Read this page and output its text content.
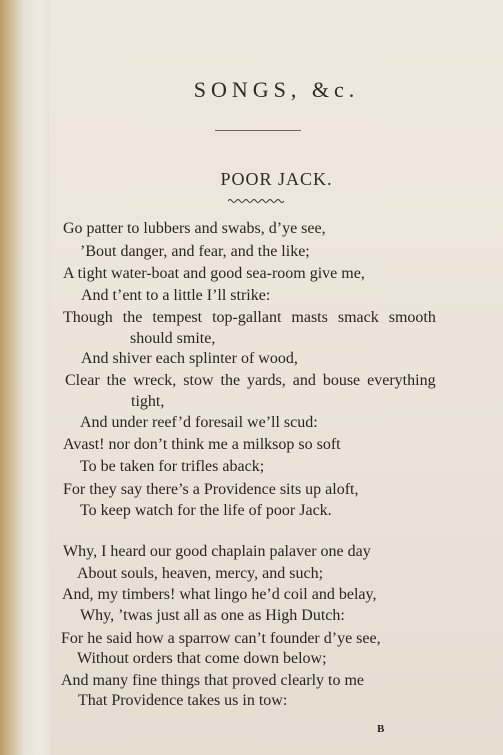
SONGS, &c.
POOR JACK.
Go patter to lubbers and swabs, d’ye see,
’Bout danger, and fear, and the like;
A tight water-boat and good sea-room give me,
And t’ent to a little I’ll strike:
Though the tempest top-gallant masts smack smooth
should smite,
And shiver each splinter of wood,
Clear the wreck, stow the yards, and bouse everything
tight,
And under reef’d foresail we’ll scud:
Avast! nor don’t think me a milksop so soft
To be taken for trifles aback;
For they say there’s a Providence sits up aloft,
To keep watch for the life of poor Jack.
Why, I heard our good chaplain palaver one day
About souls, heaven, mercy, and such;
And, my timbers! what lingo he’d coil and belay,
Why, ’twas just all as one as High Dutch:
For he said how a sparrow can’t founder d’ye see,
Without orders that come down below;
And many fine things that proved clearly to me
That Providence takes us in tow:
B
